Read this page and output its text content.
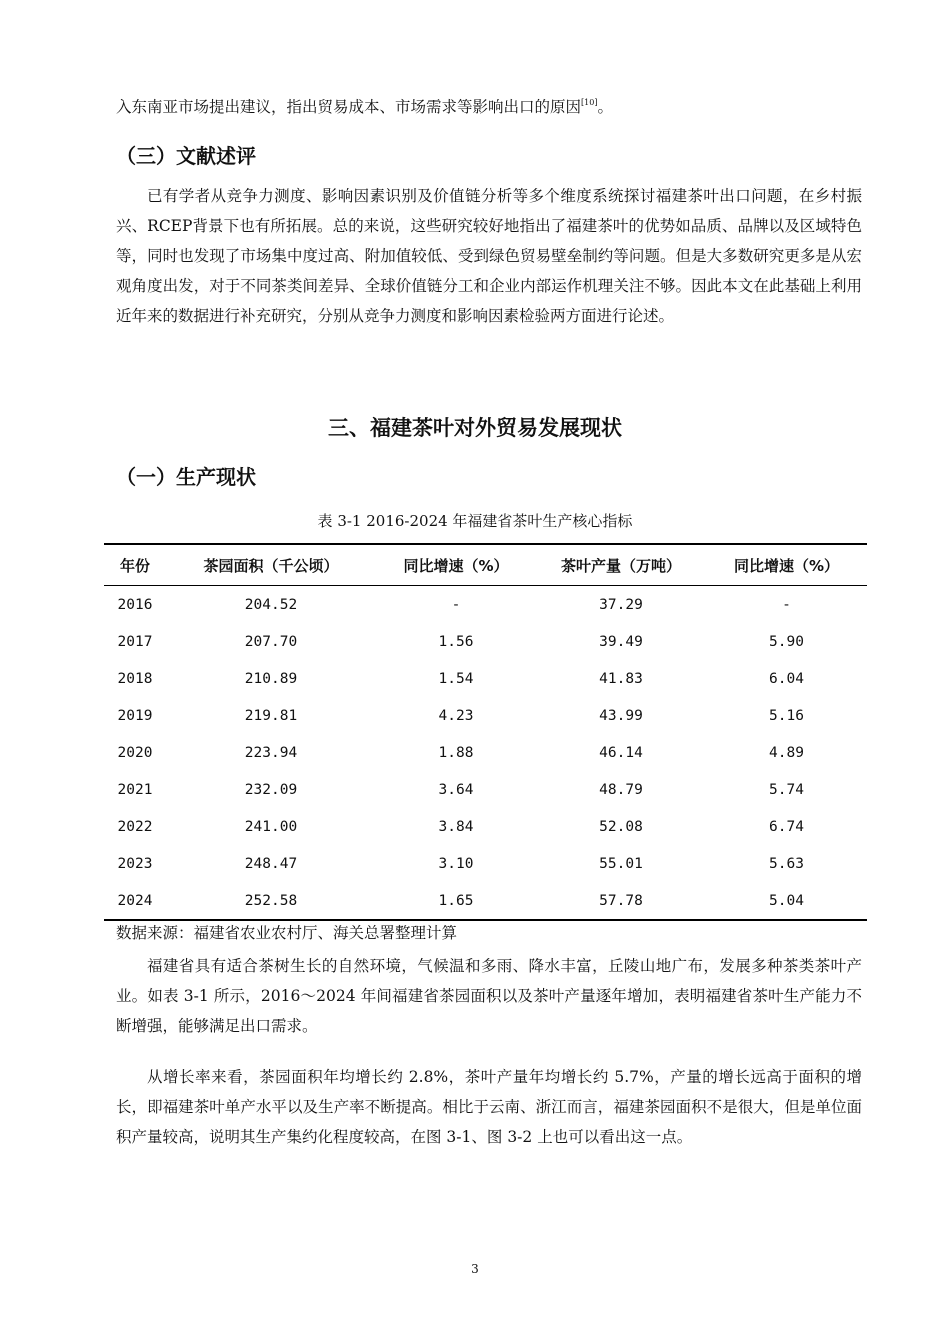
入东南亚市场提出建议，指出贸易成本、市场需求等影响出口的原因[10]。

（三）文献述评

已有学者从竞争力测度、影响因素识别及价值链分析等多个维度系统探讨福建茶叶出口问题，在乡村振兴、RCEP背景下也有所拓展。总的来说，这些研究较好地指出了福建茶叶的优势如品质、品牌以及区域特色等，同时也发现了市场集中度过高、附加值较低、受到绿色贸易壁垒制约等问题。但是大多数研究更多是从宏观角度出发，对于不同茶类间差异、全球价值链分工和企业内部运作机理关注不够。因此本文在此基础上利用近年来的数据进行补充研究，分别从竞争力测度和影响因素检验两方面进行论述。

三、福建茶叶对外贸易发展现状
（一）生产现状

表 3-1 2016-2024 年福建省茶叶生产核心指标

年份	茶园面积（千公顷）	同比增速（%）	茶叶产量（万吨）	同比增速（%）
2016	204.52	-	37.29	-
2017	207.70	1.56	39.49	5.90
2018	210.89	1.54	41.83	6.04
2019	219.81	4.23	43.99	5.16
2020	223.94	1.88	46.14	4.89
2021	232.09	3.64	48.79	5.74
2022	241.00	3.84	52.08	6.74
2023	248.47	3.10	55.01	5.63
2024	252.58	1.65	57.78	5.04

数据来源：福建省农业农村厅、海关总署整理计算

福建省具有适合茶树生长的自然环境，气候温和多雨、降水丰富，丘陵山地广布，发展多种茶类茶叶产业。如表 3-1 所示，2016～2024 年间福建省茶园面积以及茶叶产量逐年增加，表明福建省茶叶生产能力不断增强，能够满足出口需求。

从增长率来看，茶园面积年均增长约 2.8%，茶叶产量年均增长约 5.7%，产量的增长远高于面积的增长，即福建茶叶单产水平以及生产率不断提高。相比于云南、浙江而言，福建茶园面积不是很大，但是单位面积产量较高，说明其生产集约化程度较高，在图 3-1、图 3-2 上也可以看出这一点。

3
